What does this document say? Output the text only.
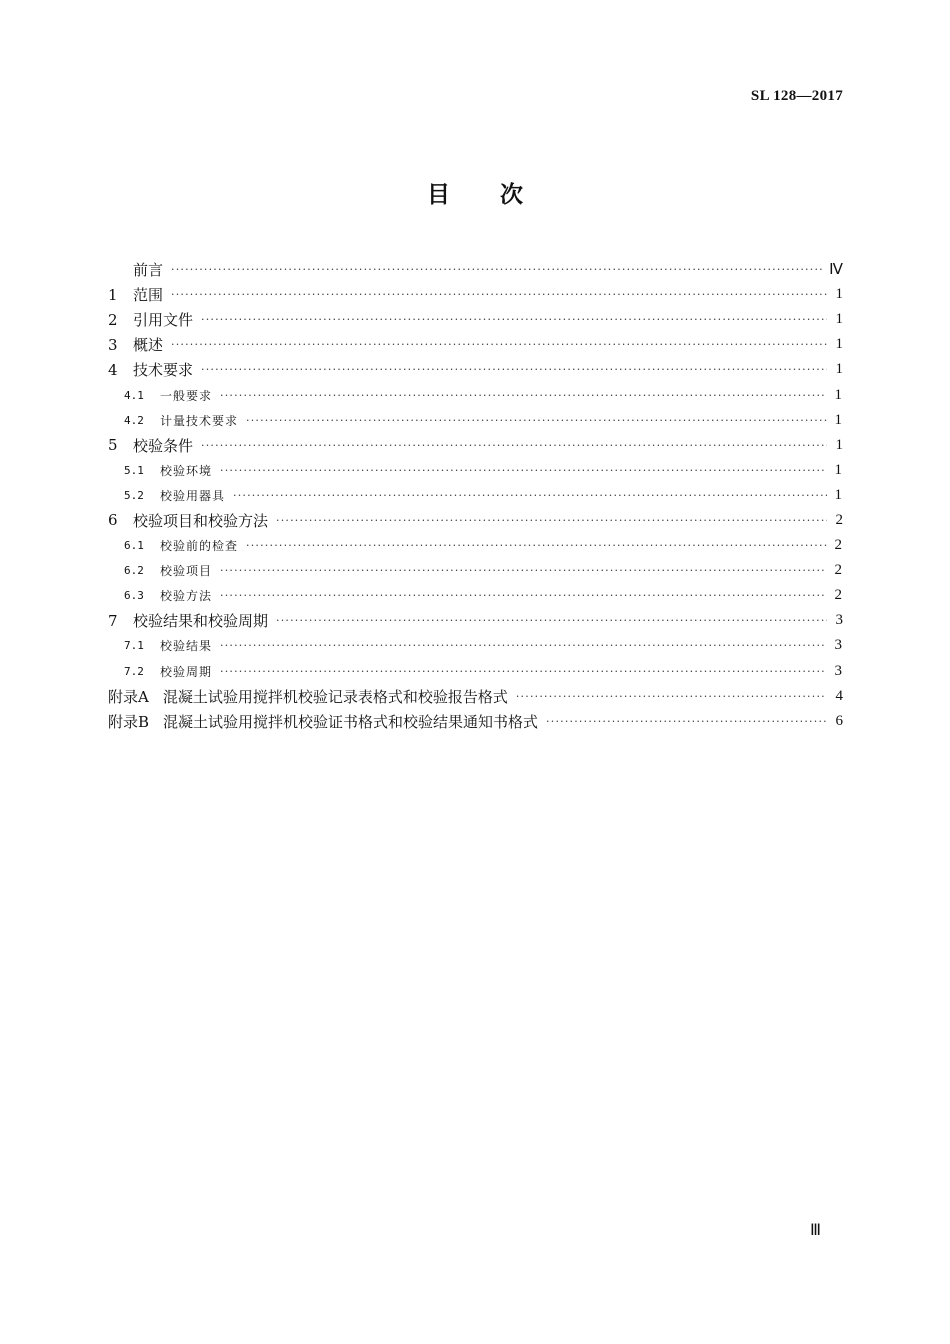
SL 128—2017
目 次
前言 ·····	Ⅳ
1	范围 ·····	1
2	引用文件 ·····	1
3	概述 ·····	1
4	技术要求 ·····	1
4.1	一般要求 ·····	1
4.2	计量技术要求 ·····	1
5	校验条件 ·····	1
5.1	校验环境 ·····	1
5.2	校验用器具 ·····	1
6	校验项目和校验方法 ·····	2
6.1	校验前的检查 ·····	2
6.2	校验项目 ·····	2
6.3	校验方法 ·····	2
7	校验结果和校验周期 ·····	3
7.1	校验结果 ·····	3
7.2	校验周期 ·····	3
附录A 混凝土试验用搅拌机校验记录表格式和校验报告格式 ·····	4
附录B 混凝土试验用搅拌机校验证书格式和校验结果通知书格式 ·····	6
Ⅲ
